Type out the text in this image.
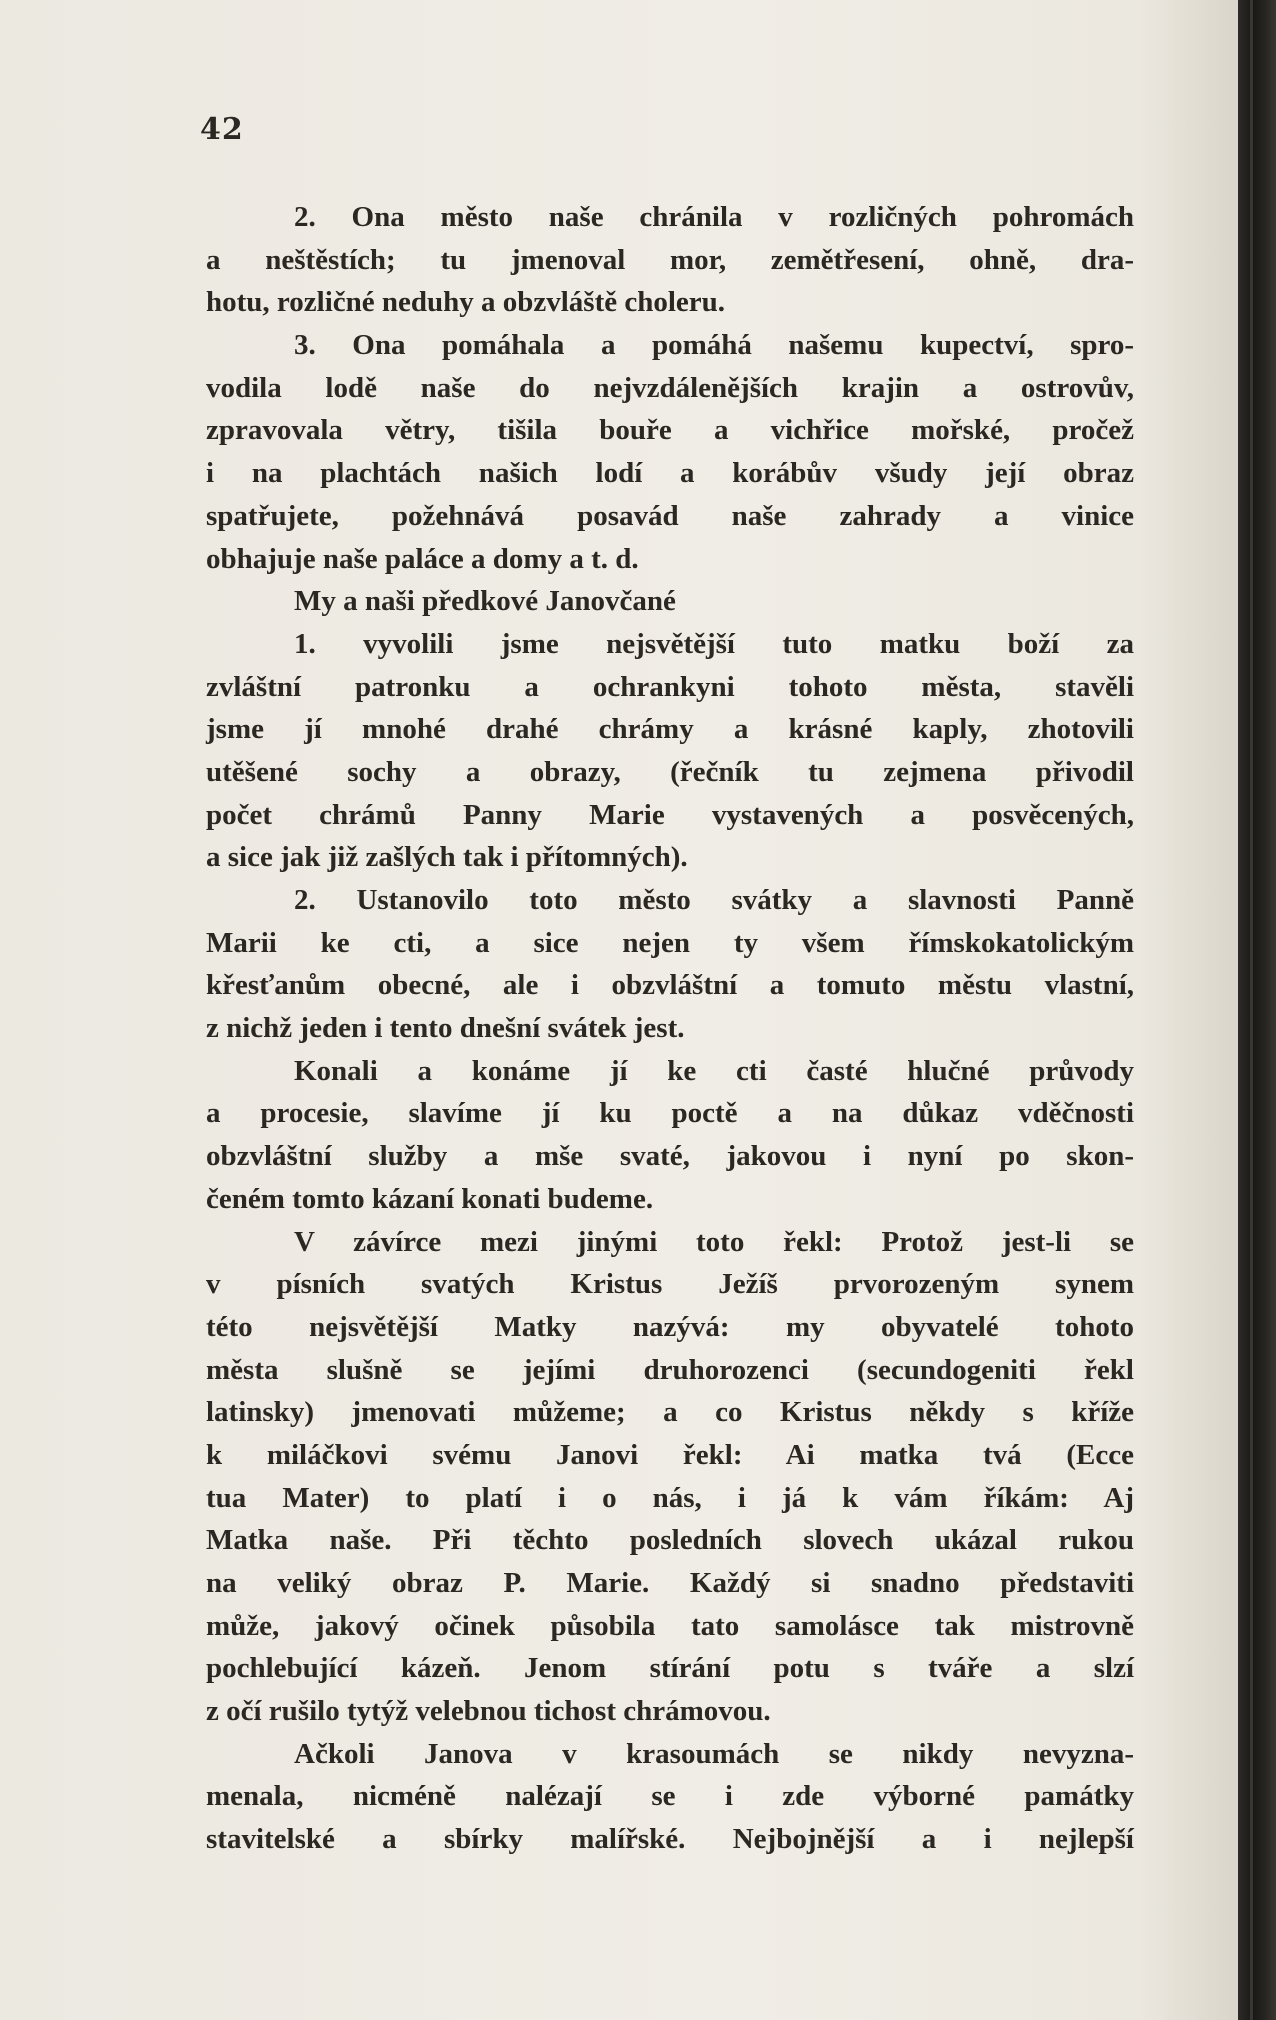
42
2. Ona město naše chránila v rozličných pohromách
a neštěstích; tu jmenoval mor, zemětřesení, ohně, dra-
hotu, rozličné neduhy a obzvláště choleru.
3. Ona pomáhala a pomáhá našemu kupectví, spro-
vodila lodě naše do nejvzdálenějších krajin a ostrovův,
zpravovala větry, tišila bouře a vichřice mořské, pročež
i na plachtách našich lodí a korábův všudy její obraz
spatřujete, požehnává posavád naše zahrady a vinice
obhajuje naše paláce a domy a t. d.
My a naši předkové Janovčané
1. vyvolili jsme nejsvětější tuto matku boží za
zvláštní patronku a ochrankyni tohoto města, stavěli
jsme jí mnohé drahé chrámy a krásné kaply, zhotovili
utěšené sochy a obrazy, (řečník tu zejmena přivodil
počet chrámů Panny Marie vystavených a posvěcených,
a sice jak již zašlých tak i přítomných).
2. Ustanovilo toto město svátky a slavnosti Panně
Marii ke cti, a sice nejen ty všem římskokatolickým
křesťanům obecné, ale i obzvláštní a tomuto městu vlastní,
z nichž jeden i tento dnešní svátek jest.
Konali a konáme jí ke cti časté hlučné průvody
a procesie, slavíme jí ku poctě a na důkaz vděčnosti
obzvláštní služby a mše svaté, jakovou i nyní po skon-
čeném tomto kázaní konati budeme.
V závírce mezi jinými toto řekl: Protož jest-li se
v písních svatých Kristus Ježíš prvorozeným synem
této nejsvětější Matky nazývá: my obyvatelé tohoto
města slušně se jejími druhorozenci (secundogeniti řekl
latinsky) jmenovati můžeme; a co Kristus někdy s kříže
k miláčkovi svému Janovi řekl: Ai matka tvá (Ecce
tua Mater) to platí i o nás, i já k vám říkám: Aj
Matka naše. Při těchto posledních slovech ukázal rukou
na veliký obraz P. Marie. Každý si snadno představiti
může, jakový očinek působila tato samolásce tak mistrovně
pochlebující kázeň. Jenom stírání potu s tváře a slzí
z očí rušilo tytýž velebnou tichost chrámovou.
Ačkoli Janova v krasoumách se nikdy nevyzna-
menala, nicméně nalézají se i zde výborné památky
stavitelské a sbírky malířské. Nejbojnější a i nejlepší
